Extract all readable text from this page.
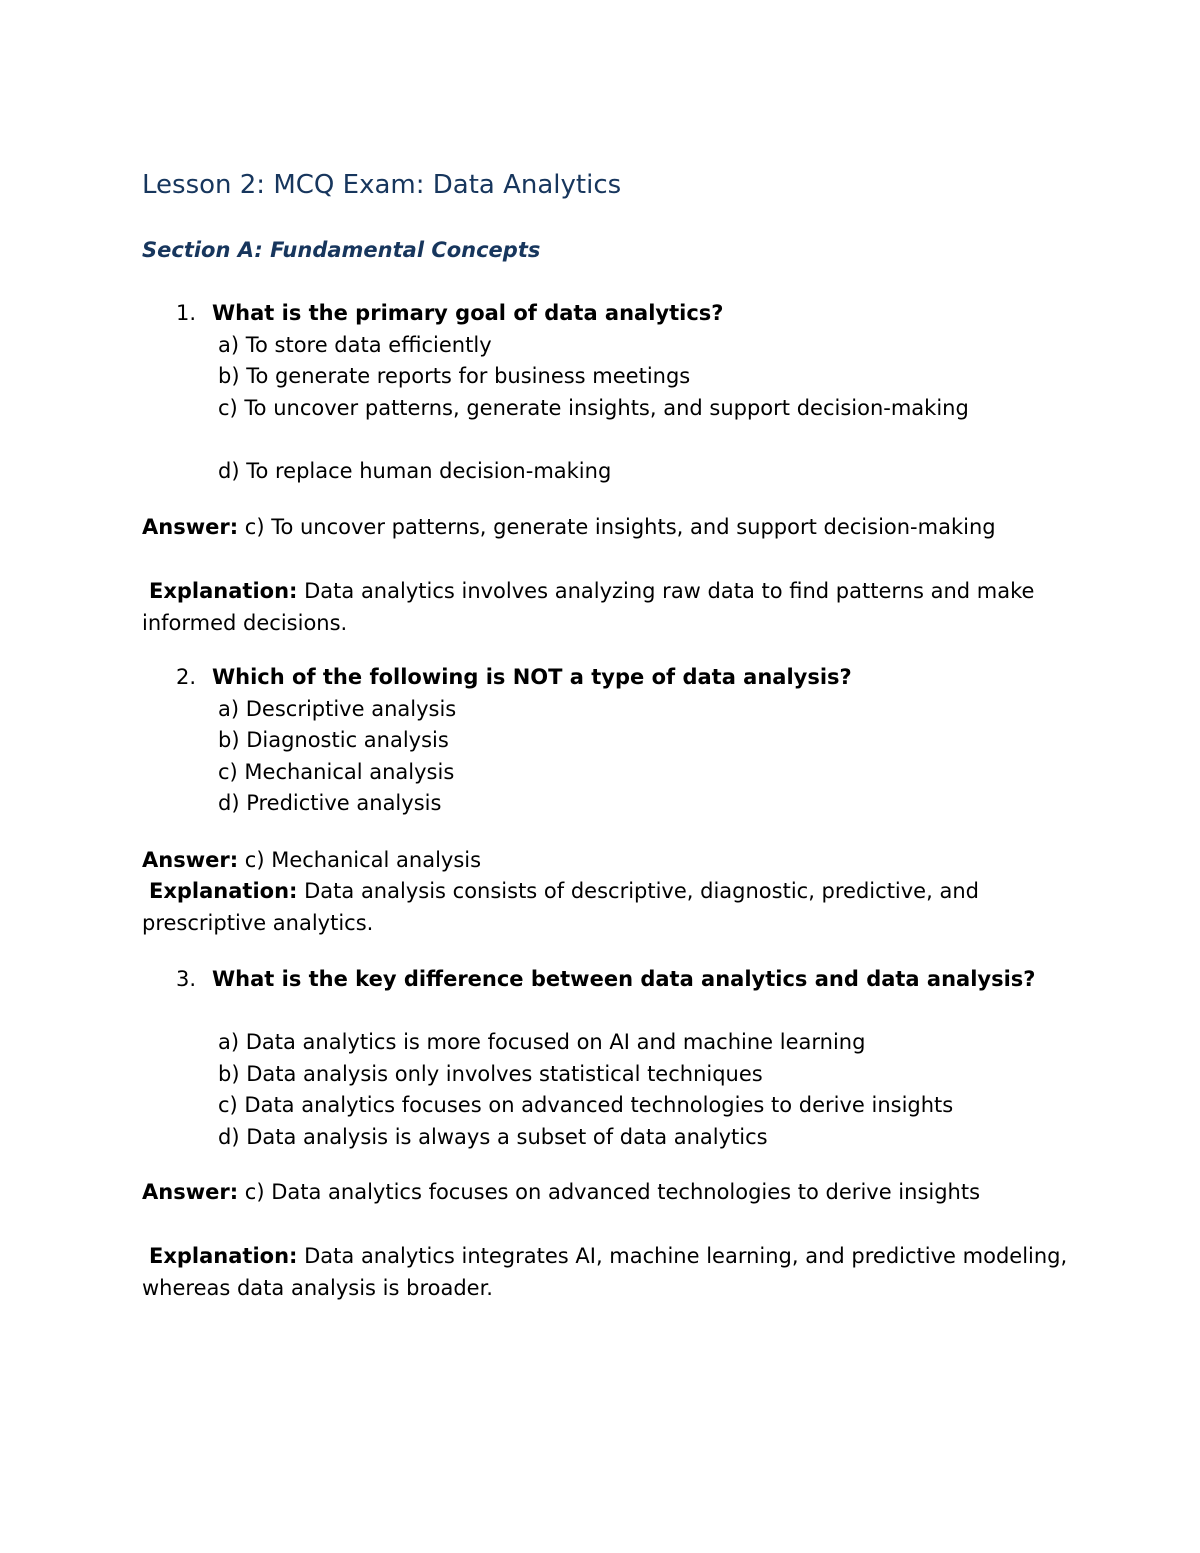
Lesson 2: MCQ Exam: Data Analytics
Section A: Fundamental Concepts
1. What is the primary goal of data analytics?
a) To store data efficiently
b) To generate reports for business meetings
c) To uncover patterns, generate insights, and support decision-making
d) To replace human decision-making
Answer: c) To uncover patterns, generate insights, and support decision-making
Explanation: Data analytics involves analyzing raw data to find patterns and make informed decisions.
2. Which of the following is NOT a type of data analysis?
a) Descriptive analysis
b) Diagnostic analysis
c) Mechanical analysis
d) Predictive analysis
Answer: c) Mechanical analysis
Explanation: Data analysis consists of descriptive, diagnostic, predictive, and prescriptive analytics.
3. What is the key difference between data analytics and data analysis?
a) Data analytics is more focused on AI and machine learning
b) Data analysis only involves statistical techniques
c) Data analytics focuses on advanced technologies to derive insights
d) Data analysis is always a subset of data analytics
Answer: c) Data analytics focuses on advanced technologies to derive insights
Explanation: Data analytics integrates AI, machine learning, and predictive modeling, whereas data analysis is broader.
